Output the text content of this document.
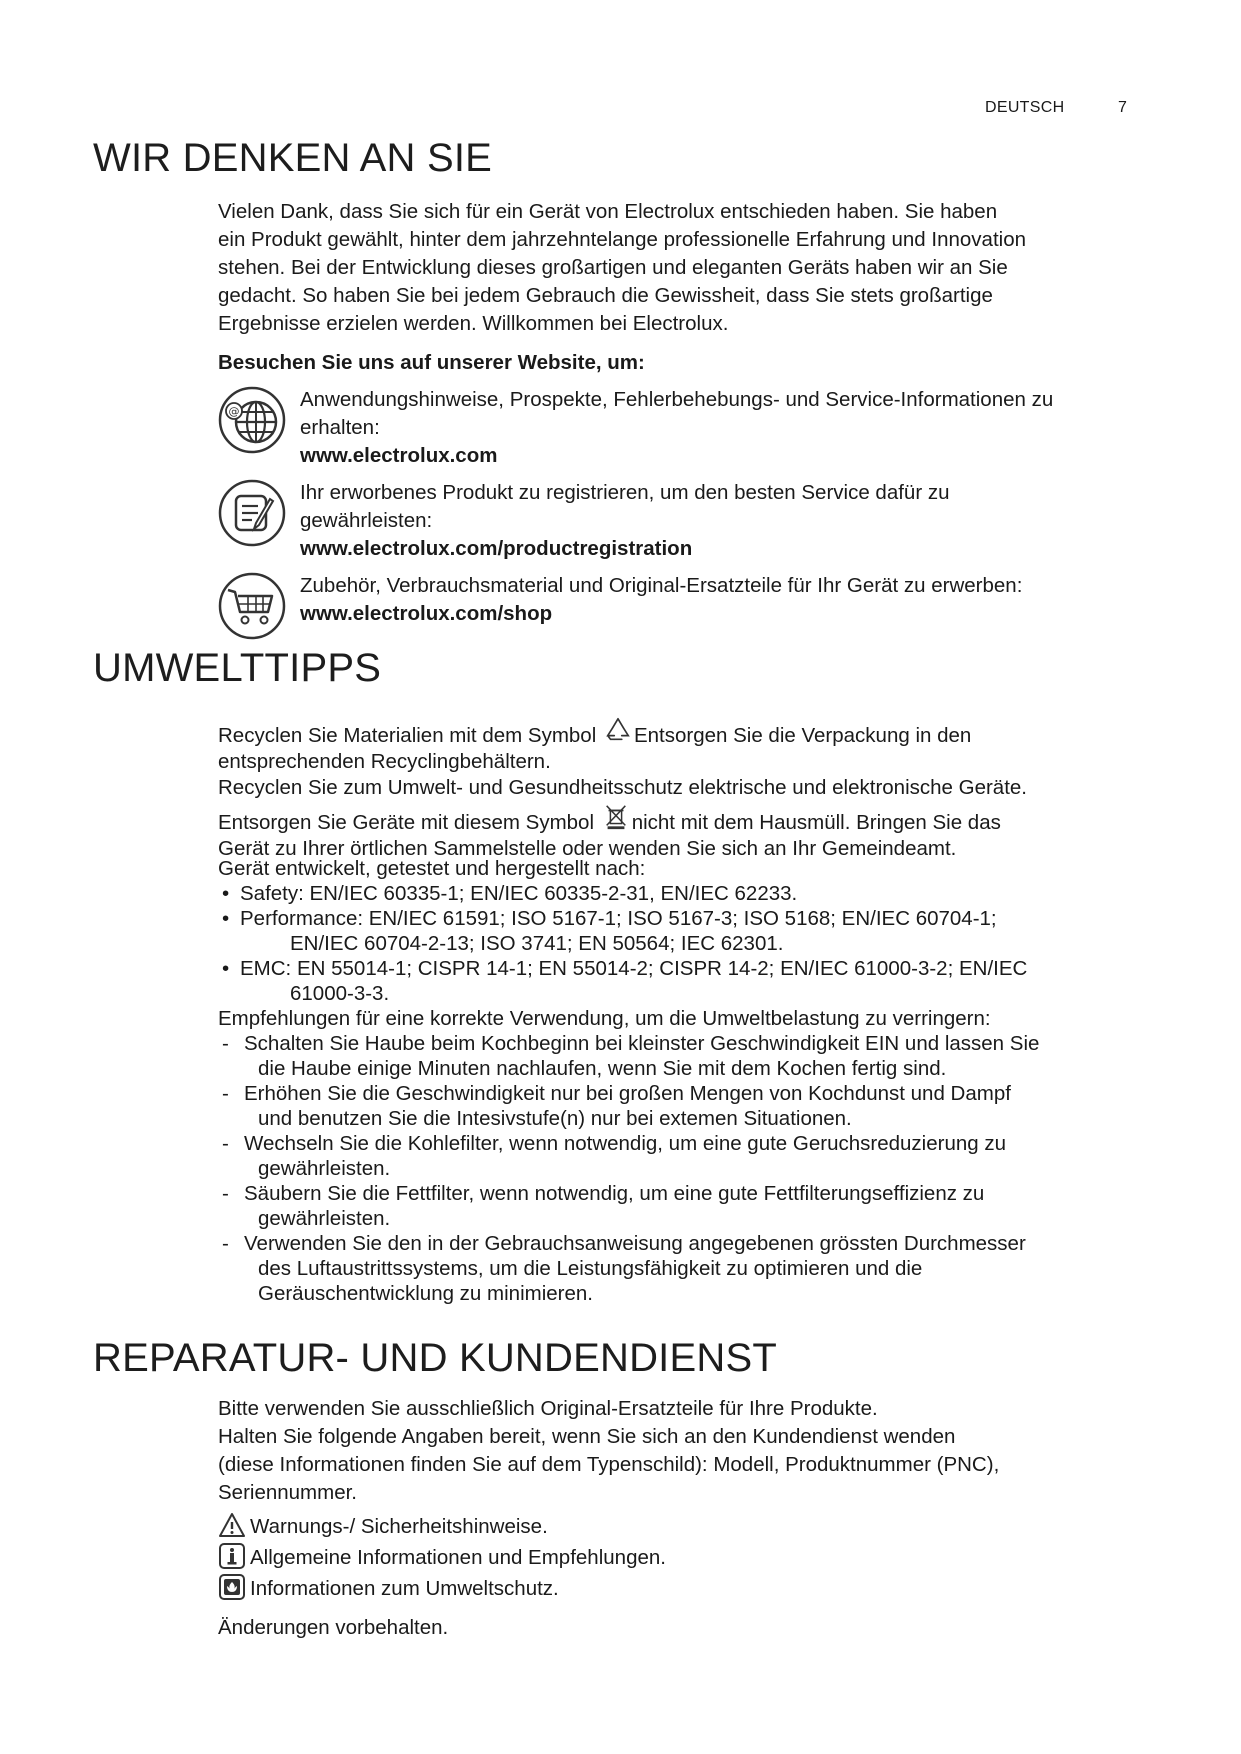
DEUTSCH	7
WIR DENKEN AN SIE
Vielen Dank, dass Sie sich für ein Gerät von Electrolux entschieden haben. Sie haben
ein Produkt gewählt, hinter dem jahrzehntelange professionelle Erfahrung und Innovation
stehen. Bei der Entwicklung dieses großartigen und eleganten Geräts haben wir an Sie
gedacht. So haben Sie bei jedem Gebrauch die Gewissheit, dass Sie stets großartige
Ergebnisse erzielen werden. Willkommen bei Electrolux.
Besuchen Sie uns auf unserer Website, um:
@
Anwendungshinweise, Prospekte, Fehlerbehebungs- und Service-Informationen zu
erhalten:
www.electrolux.com
Ihr erworbenes Produkt zu registrieren, um den besten Service dafür zu
gewährleisten:
www.electrolux.com/productregistration
Zubehör, Verbrauchsmaterial und Original-Ersatzteile für Ihr Gerät zu erwerben:
www.electrolux.com/shop
UMWELTTIPPS
Recyclen Sie Materialien mit dem Symbol Entsorgen Sie die Verpackung in den
entsprechenden Recyclingbehältern.
Recyclen Sie zum Umwelt- und Gesundheitsschutz elektrische und elektronische Geräte.
Entsorgen Sie Geräte mit diesem Symbol nicht mit dem Hausmüll. Bringen Sie das
Gerät zu Ihrer örtlichen Sammelstelle oder wenden Sie sich an Ihr Gemeindeamt.
Gerät entwickelt, getestet und hergestellt nach:
• Safety: EN/IEC 60335-1; EN/IEC 60335-2-31, EN/IEC 62233.
• Performance: EN/IEC 61591; ISO 5167-1; ISO 5167-3; ISO 5168; EN/IEC 60704-1;
EN/IEC 60704-2-13; ISO 3741; EN 50564; IEC 62301.
• EMC: EN 55014-1; CISPR 14-1; EN 55014-2; CISPR 14-2; EN/IEC 61000-3-2; EN/IEC
61000-3-3.
Empfehlungen für eine korrekte Verwendung, um die Umweltbelastung zu verringern:
- Schalten Sie Haube beim Kochbeginn bei kleinster Geschwindigkeit EIN und lassen Sie
die Haube einige Minuten nachlaufen, wenn Sie mit dem Kochen fertig sind.
- Erhöhen Sie die Geschwindigkeit nur bei großen Mengen von Kochdunst und Dampf
und benutzen Sie die Intesivstufe(n) nur bei extemen Situationen.
- Wechseln Sie die Kohlefilter, wenn notwendig, um eine gute Geruchsreduzierung zu
gewährleisten.
- Säubern Sie die Fettfilter, wenn notwendig, um eine gute Fettfilterungseffizienz zu
gewährleisten.
- Verwenden Sie den in der Gebrauchsanweisung angegebenen grössten Durchmesser
des Luftaustrittssystems, um die Leistungsfähigkeit zu optimieren und die
Geräuschentwicklung zu minimieren.
REPARATUR- UND KUNDENDIENST
Bitte verwenden Sie ausschließlich Original-Ersatzteile für Ihre Produkte.
Halten Sie folgende Angaben bereit, wenn Sie sich an den Kundendienst wenden
(diese Informationen finden Sie auf dem Typenschild): Modell, Produktnummer (PNC),
Seriennummer.
Warnungs-/ Sicherheitshinweise.
Allgemeine Informationen und Empfehlungen.
Informationen zum Umweltschutz.
Änderungen vorbehalten.
